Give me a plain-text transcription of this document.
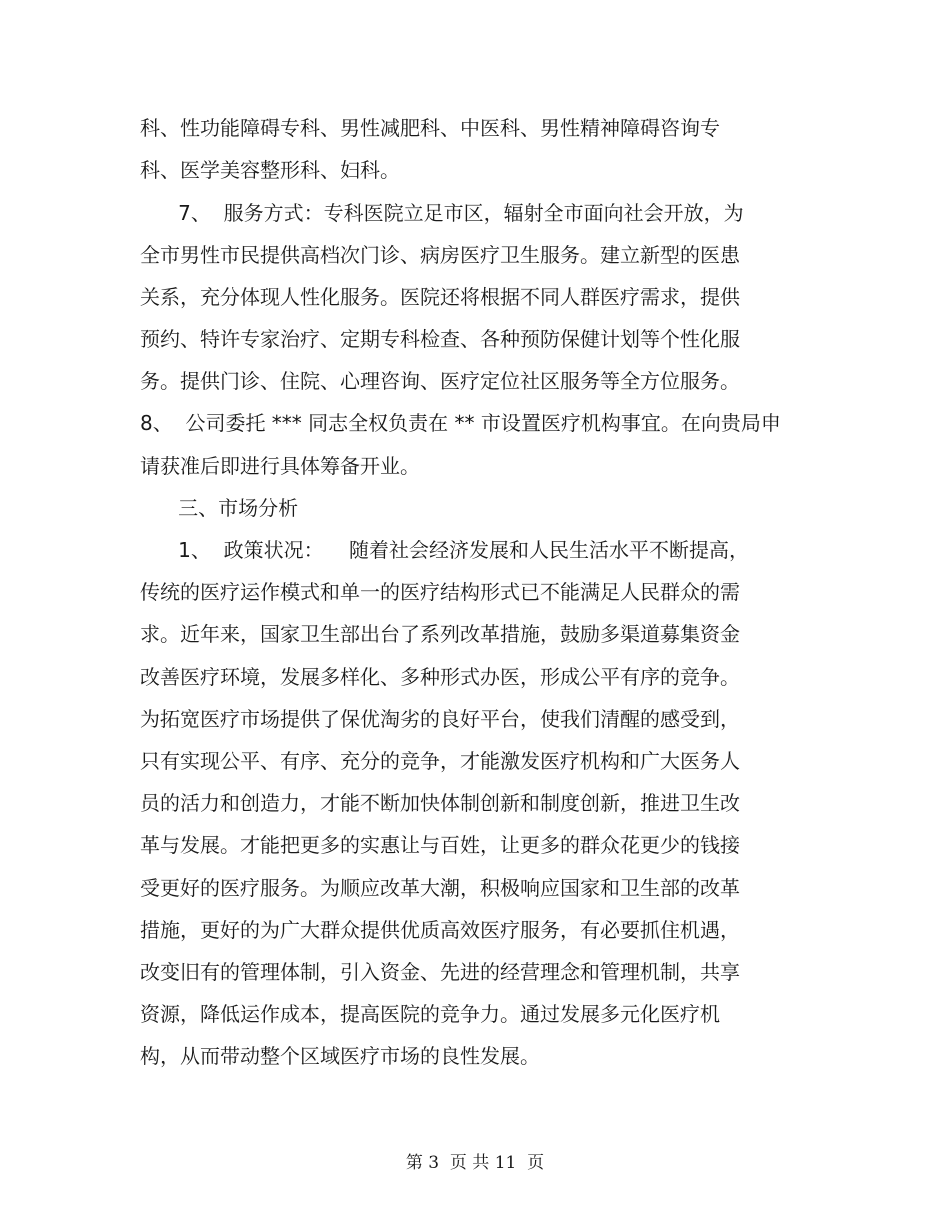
科、性功能障碍专科、男性减肥科、中医科、男性精神障碍咨询专
科、医学美容整形科、妇科。
7、  服务方式：专科医院立足市区，辐射全市面向社会开放，为
全市男性市民提供高档次门诊、病房医疗卫生服务。建立新型的医患
关系，充分体现人性化服务。医院还将根据不同人群医疗需求，提供
预约、特许专家治疗、定期专科检查、各种预防保健计划等个性化服
务。提供门诊、住院、心理咨询、医疗定位社区服务等全方位服务。
8、  公司委托 *** 同志全权负责在 ** 市设置医疗机构事宜。在向贵局申
请获准后即进行具体筹备开业。
三、市场分析
1、  政策状况：    随着社会经济发展和人民生活水平不断提高，
传统的医疗运作模式和单一的医疗结构形式已不能满足人民群众的需
求。近年来，国家卫生部出台了系列改革措施，鼓励多渠道募集资金
改善医疗环境，发展多样化、多种形式办医，形成公平有序的竞争。
为拓宽医疗市场提供了保优淘劣的良好平台，使我们清醒的感受到，
只有实现公平、有序、充分的竞争，才能激发医疗机构和广大医务人
员的活力和创造力，才能不断加快体制创新和制度创新，推进卫生改
革与发展。才能把更多的实惠让与百姓，让更多的群众花更少的钱接
受更好的医疗服务。为顺应改革大潮，积极响应国家和卫生部的改革
措施，更好的为广大群众提供优质高效医疗服务，有必要抓住机遇，
改变旧有的管理体制，引入资金、先进的经营理念和管理机制，共享
资源，降低运作成本，提高医院的竞争力。通过发展多元化医疗机
构，从而带动整个区域医疗市场的良性发展。
第 3  页 共 11  页
